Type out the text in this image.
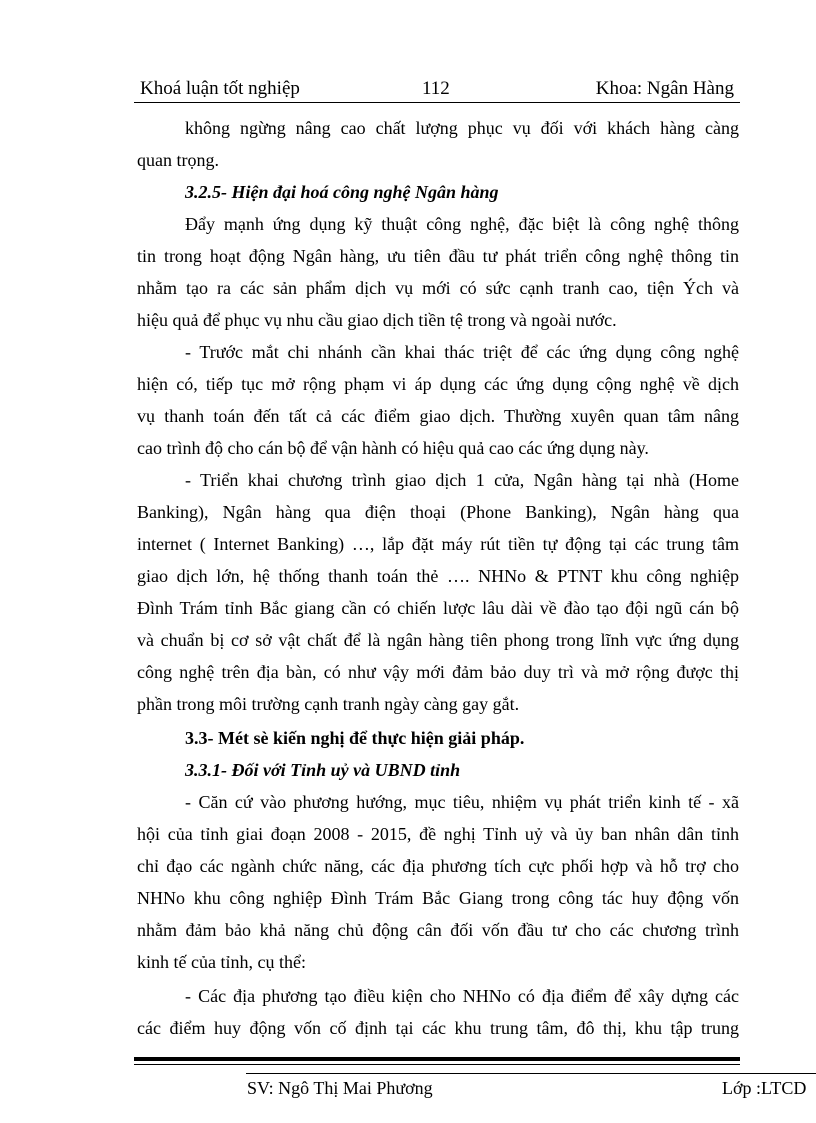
Khoá luận tốt nghiệp	112	Khoa: Ngân Hàng
không ngừng nâng cao chất lượng phục vụ đối với khách hàng càng
quan trọng.
3.2.5- Hiện đại hoá công nghệ Ngân hàng
Đẩy mạnh ứng dụng kỹ thuật công nghệ, đặc biệt là công nghệ thông
tin trong hoạt động Ngân hàng, ưu tiên đầu tư phát triển công nghệ thông tin
nhằm tạo ra các sản phẩm dịch vụ mới có sức cạnh tranh cao, tiện Ých và
hiệu quả để phục vụ nhu cầu giao dịch tiền tệ trong và ngoài nước.
- Trước mắt chi nhánh cần khai thác triệt để các ứng dụng công nghệ
hiện có, tiếp tục mở rộng phạm vi áp dụng các ứng dụng cộng nghệ về dịch
vụ thanh toán đến tất cả các điểm giao dịch. Thường xuyên quan tâm nâng
cao trình độ cho cán bộ để vận hành có hiệu quả cao các ứng dụng này.
- Triển khai chương trình giao dịch 1 cửa, Ngân hàng tại nhà (Home
Banking), Ngân hàng qua điện thoại (Phone Banking), Ngân hàng qua
internet ( Internet Banking) …, lắp đặt máy rút tiền tự động tại các trung tâm
giao dịch lớn, hệ thống thanh toán thẻ …. NHNo & PTNT khu công nghiệp
Đình Trám tỉnh Bắc giang cần có chiến lược lâu dài về đào tạo đội ngũ cán bộ
và chuẩn bị cơ sở vật chất để là ngân hàng tiên phong trong lĩnh vực ứng dụng
công nghệ trên địa bàn, có như vậy mới đảm bảo duy trì và mở rộng được thị
phần trong môi trường cạnh tranh ngày càng gay gắt.
3.3- Mét sè kiến nghị để thực hiện giải pháp.
3.3.1- Đối với Tỉnh uỷ và UBND tỉnh
- Căn cứ vào phương hướng, mục tiêu, nhiệm vụ phát triển kinh tế - xã
hội của tỉnh giai đoạn 2008 - 2015, đề nghị Tỉnh uỷ và ủy ban nhân dân tỉnh
chỉ đạo các ngành chức năng, các địa phương tích cực phối hợp và hỗ trợ cho
NHNo khu công nghiệp Đình Trám Bắc Giang trong công tác huy động vốn
nhằm đảm bảo khả năng chủ động cân đối vốn đầu tư cho các chương trình
kinh tế của tỉnh, cụ thể:
- Các địa phương tạo điều kiện cho NHNo có địa điểm để xây dựng các
các điểm huy động vốn cố định tại các khu trung tâm, đô thị, khu tập trung
SV: Ngô Thị Mai Phương	Lớp :LTCD
